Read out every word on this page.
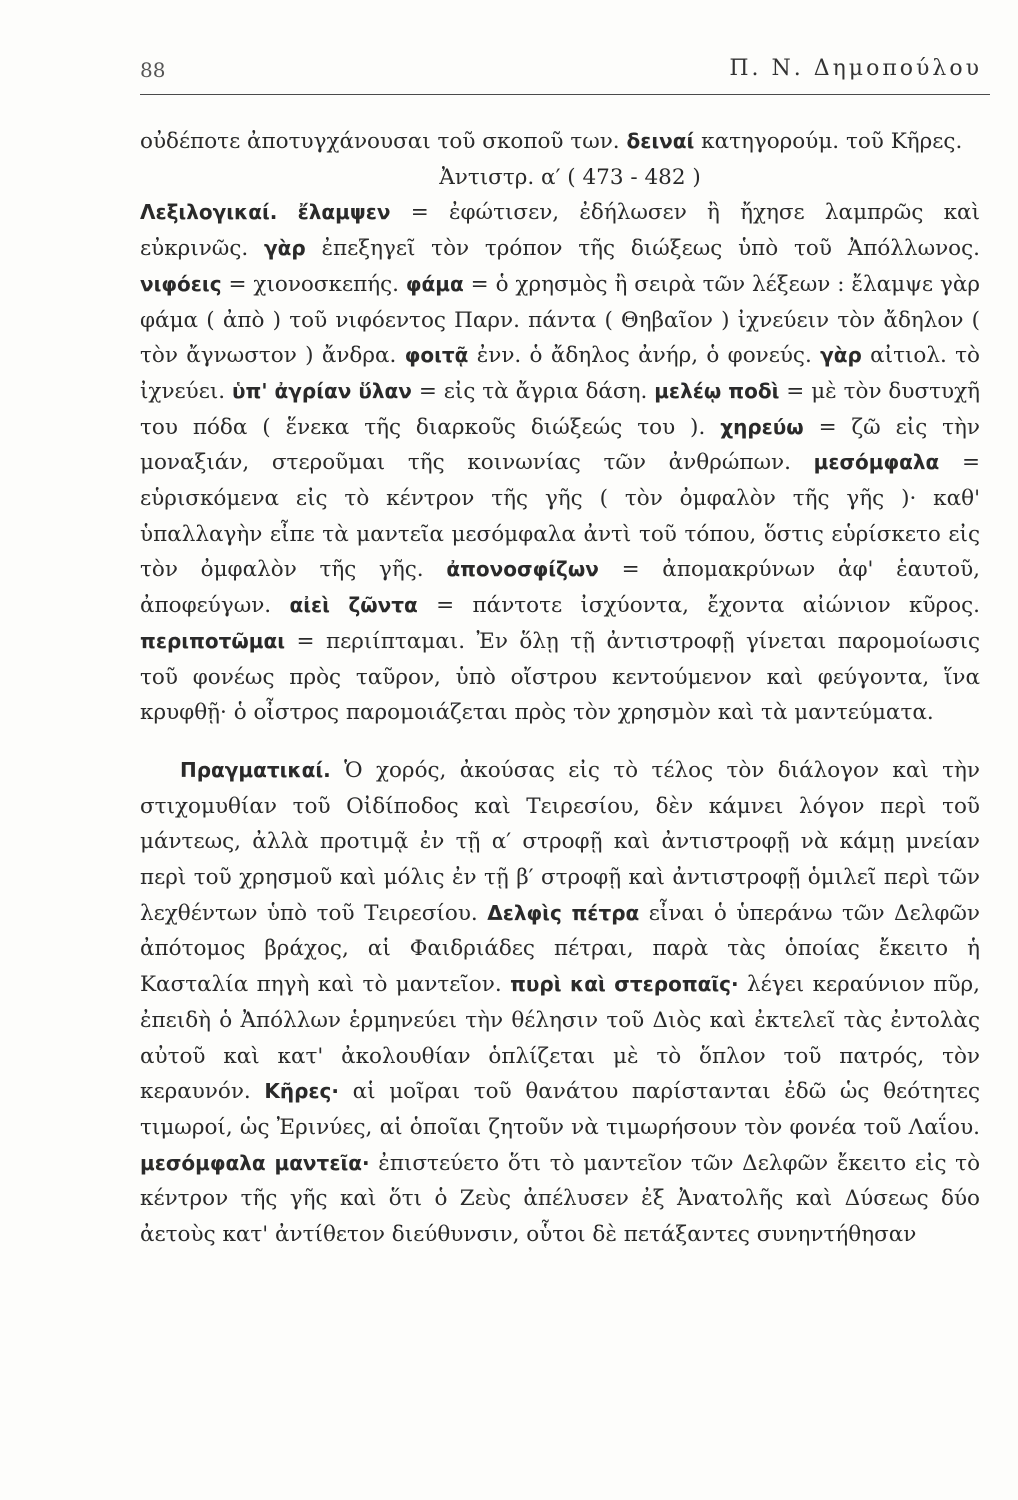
88	Π. Ν. Δημοπούλου

οὐδέποτε ἀποτυγχάνουσαι τοῦ σκοποῦ των. δειναί κατηγορούμ. τοῦ Κῆρες.

Ἀντιστρ. α′ ( 473 - 482 )

Λεξιλογικαί. ἔλαμψεν = ἐφώτισεν, ἐδήλωσεν ἢ ἤχησε λαμπρῶς καὶ εὐκρινῶς. γὰρ ἐπεξηγεῖ τὸν τρόπον τῆς διώξεως ὑπὸ τοῦ Ἀπόλλωνος. νιφόεις = χιονοσκεπής. φάμα = ὁ χρησμὸς ἢ σειρὰ τῶν λέξεων : ἔλαμψε γὰρ φάμα ( ἀπὸ ) τοῦ νιφόεντος Παρν. πάντα ( Θηβαῖον ) ἰχνεύειν τὸν ἄδηλον ( τὸν ἄγνωστον ) ἄνδρα. φοιτᾷ ἐνν. ὁ ἄδηλος ἀνήρ, ὁ φονεύς. γὰρ αἰτιολ. τὸ ἰχνεύει. ὑπ' ἀγρίαν ὕλαν = εἰς τὰ ἄγρια δάση. μελέῳ ποδὶ = μὲ τὸν δυστυχῆ του πόδα ( ἕνεκα τῆς διαρκοῦς διώξεώς του ). χηρεύω = ζῶ εἰς τὴν μοναξιάν, στεροῦμαι τῆς κοινωνίας τῶν ἀνθρώπων. μεσόμφαλα = εὑρισκόμενα εἰς τὸ κέντρον τῆς γῆς ( τὸν ὀμφαλὸν τῆς γῆς )· καθ' ὑπαλλαγὴν εἶπε τὰ μαντεῖα μεσόμφαλα ἀντὶ τοῦ τόπου, ὅστις εὑρίσκετο εἰς τὸν ὀμφαλὸν τῆς γῆς. ἀπονοσφίζων = ἀπομακρύνων ἀφ' ἑαυτοῦ, ἀποφεύγων. αἰεὶ ζῶντα = πάντοτε ἰσχύοντα, ἔχοντα αἰώνιον κῦρος. περιποτῶμαι = περιίπταμαι. Ἐν ὅλῃ τῇ ἀντιστροφῇ γίνεται παρομοίωσις τοῦ φονέως πρὸς ταῦρον, ὑπὸ οἴστρου κεντούμενον καὶ φεύγοντα, ἵνα κρυφθῇ· ὁ οἶστρος παρομοιάζεται πρὸς τὸν χρησμὸν καὶ τὰ μαντεύματα.

Πραγματικαί. Ὁ χορός, ἀκούσας εἰς τὸ τέλος τὸν διάλογον καὶ τὴν στιχομυθίαν τοῦ Οἰδίποδος καὶ Τειρεσίου, δὲν κάμνει λόγον περὶ τοῦ μάντεως, ἀλλὰ προτιμᾷ ἐν τῇ α′ στροφῇ καὶ ἀντιστροφῇ νὰ κάμῃ μνείαν περὶ τοῦ χρησμοῦ καὶ μόλις ἐν τῇ β′ στροφῇ καὶ ἀντιστροφῇ ὁμιλεῖ περὶ τῶν λεχθέντων ὑπὸ τοῦ Τειρεσίου. Δελφὶς πέτρα εἶναι ὁ ὑπεράνω τῶν Δελφῶν ἀπότομος βράχος, αἱ Φαιδριάδες πέτραι, παρὰ τὰς ὁποίας ἔκειτο ἡ Κασταλία πηγὴ καὶ τὸ μαντεῖον. πυρὶ καὶ στεροπαῖς· λέγει κεραύνιον πῦρ, ἐπειδὴ ὁ Ἀπόλλων ἑρμηνεύει τὴν θέλησιν τοῦ Διὸς καὶ ἐκτελεῖ τὰς ἐντολὰς αὐτοῦ καὶ κατ' ἀκολουθίαν ὁπλίζεται μὲ τὸ ὅπλον τοῦ πατρός, τὸν κεραυνόν. Κῆρες· αἱ μοῖραι τοῦ θανάτου παρίστανται ἐδῶ ὡς θεότητες τιμωροί, ὡς Ἐρινύες, αἱ ὁποῖαι ζητοῦν νὰ τιμωρήσουν τὸν φονέα τοῦ Λαΐου. μεσόμφαλα μαντεῖα· ἐπιστεύετο ὅτι τὸ μαντεῖον τῶν Δελφῶν ἔκειτο εἰς τὸ κέντρον τῆς γῆς καὶ ὅτι ὁ Ζεὺς ἀπέλυσεν ἐξ Ἀνατολῆς καὶ Δύσεως δύο ἀετοὺς κατ' ἀντίθετον διεύθυνσιν, οὗτοι δὲ πετάξαντες συνηντήθησαν
